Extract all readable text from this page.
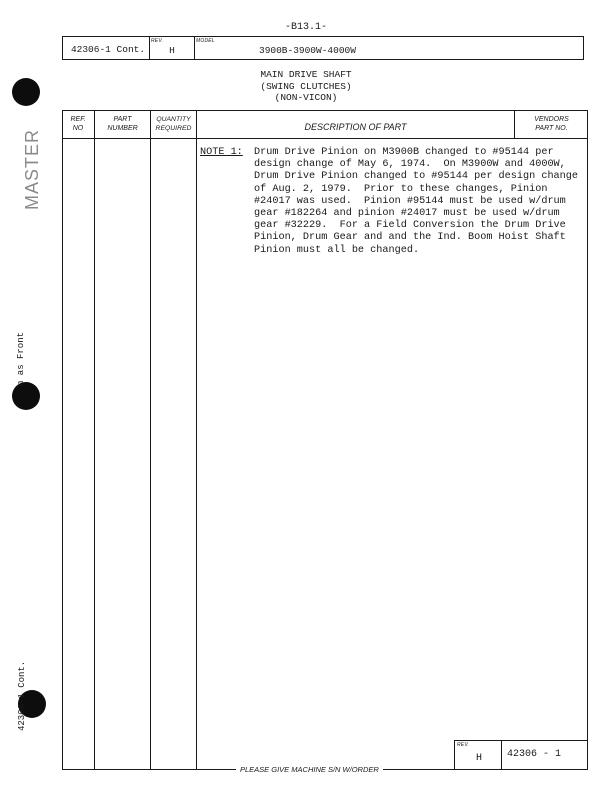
MASTER
n as Front
42306-1 Cont.
-B13.1-
42306-1 Cont.
REV.
H
MODEL
3900B-3900W-4000W
MAIN DRIVE SHAFT
(SWING CLUTCHES)
(NON-VICON)
REF.
NO
PART
NUMBER
QUANTITY
REQUIRED	DESCRIPTION OF PART
VENDORS
PART NO.
NOTE 1: Drum Drive Pinion on M3900B changed to #95144 per
design change of May 6, 1974.  On M3900W and 4000W,
Drum Drive Pinion changed to #95144 per design change
of Aug. 2, 1979.  Prior to these changes, Pinion
#24017 was used.  Pinion #95144 must be used w/drum
gear #182264 and pinion #24017 must be used w/drum
gear #32229.  For a Field Conversion the Drum Drive
Pinion, Drum Gear and and the Ind. Boom Hoist Shaft
Pinion must all be changed.
REV.
H	42306 - 1
PLEASE GIVE MACHINE S/N W/ORDER
